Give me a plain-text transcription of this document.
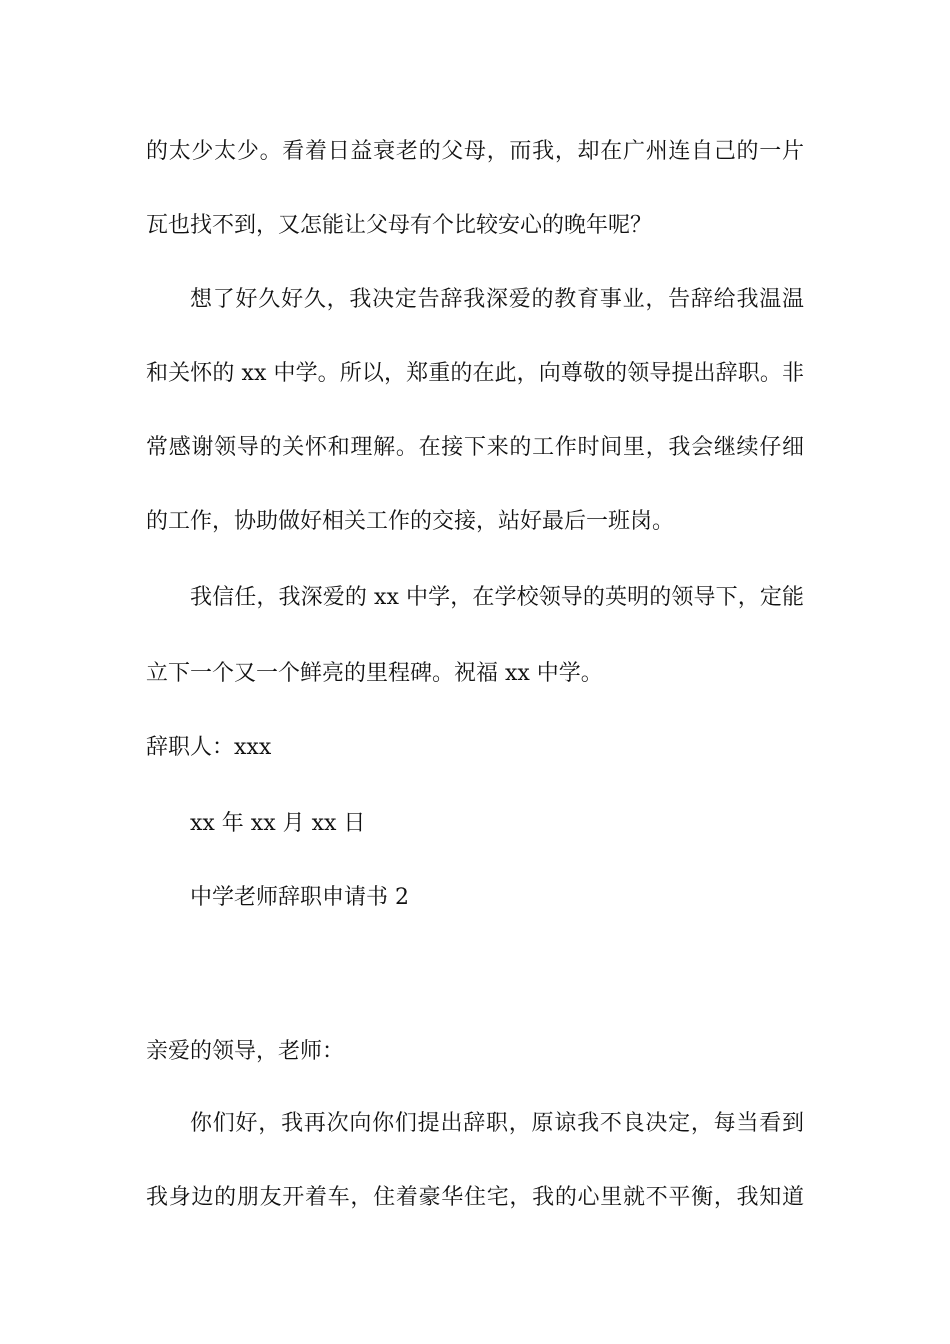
的太少太少。看着日益衰老的父母，而我，却在广州连自己的一片
瓦也找不到，又怎能让父母有个比较安心的晚年呢？
想了好久好久，我决定告辞我深爱的教育事业，告辞给我温温
和关怀的 xx 中学。所以，郑重的在此，向尊敬的领导提出辞职。非
常感谢领导的关怀和理解。在接下来的工作时间里，我会继续仔细
的工作，协助做好相关工作的交接，站好最后一班岗。
我信任，我深爱的 xx 中学，在学校领导的英明的领导下，定能
立下一个又一个鲜亮的里程碑。祝福 xx 中学。
辞职人：xxx
xx 年 xx 月 xx 日
中学老师辞职申请书 2
亲爱的领导，老师：
你们好，我再次向你们提出辞职，原谅我不良决定，每当看到
我身边的朋友开着车，住着豪华住宅，我的心里就不平衡，我知道
